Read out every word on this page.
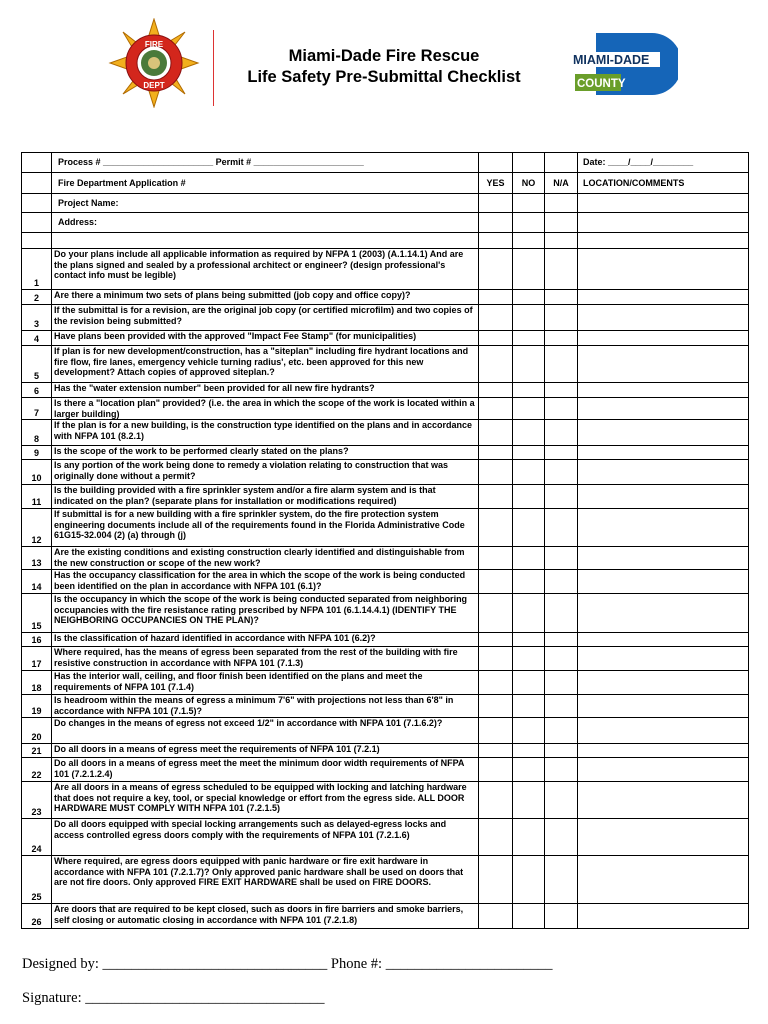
FIRE
DEPT
Miami-Dade Fire Rescue
Life Safety Pre-Submittal Checklist
MIAMI-DADE
COUNTY
	Process # ______________________ Permit # ______________________				Date: ____/____/________
	Fire Department Application #	YES	NO	N/A	LOCATION/COMMENTS
	Project Name:				
	Address:				

1	Do your plans include all applicable information as required by NFPA 1 (2003) (A.1.14.1) And are the plans signed and sealed by a professional architect or engineer? (design professional's contact info must be legible)				
2	Are there a minimum two sets of plans being submitted (job copy and office copy)?				
3	If the submittal is for a revision, are the original job copy (or certified microfilm) and two copies of the revision being submitted?				
4	Have plans been provided with the approved "Impact Fee Stamp" (for municipalities)				
5	If plan is for new development/construction, has a "siteplan" including fire hydrant locations and fire flow, fire lanes, emergency vehicle turning radius', etc. been approved for this new development? Attach copies of approved siteplan.?				
6	Has the "water extension number" been provided for all new fire hydrants?				
7	Is there a "location plan" provided? (i.e. the area in which the scope of the work is located within a larger building)				
8	If the plan is for a new building, is the construction type identified on the plans and in accordance with NFPA 101 (8.2.1)				
9	Is the scope of the work to be performed clearly stated on the plans?				
10	Is any portion of the work being done to remedy a violation relating to construction that was originally done without a permit?				
11	Is the building provided with a fire sprinkler system and/or a fire alarm system and is that indicated on the plan? (separate plans for installation or modifications required)				
12	If submittal is for a new building with a fire sprinkler system, do the fire protection system engineering documents include all of the requirements found in the Florida Administrative Code 61G15-32.004 (2) (a) through (j)				
13	Are the existing conditions and existing construction clearly identified and distinguishable from the new construction or scope of the new work?				
14	Has the occupancy classification for the area in which the scope of the work is being conducted been identified on the plan in accordance with NFPA 101 (6.1)?				
15	Is the occupancy in which the scope of the work is being conducted separated from neighboring occupancies with the fire resistance rating prescribed by NFPA 101 (6.1.14.4.1) (IDENTIFY THE NEIGHBORING OCCUPANCIES ON THE PLAN)?				
16	Is the classification of hazard identified in accordance with NFPA 101 (6.2)?				
17	Where required, has the means of egress been separated from the rest of the building with fire resistive construction in accordance with NFPA 101 (7.1.3)				
18	Has the interior wall, ceiling, and floor finish been identified on the plans and meet the requirements of NFPA 101 (7.1.4)				
19	Is headroom within the means of egress a minimum 7'6" with projections not less than 6'8" in accordance with NFPA 101 (7.1.5)?				
20	Do changes in the means of egress not exceed 1/2" in accordance with NFPA 101 (7.1.6.2)?				
21	Do all doors in a means of egress meet the requirements of NFPA 101 (7.2.1)				
22	Do all doors in a means of egress meet the meet the minimum door width requirements of NFPA 101 (7.2.1.2.4)				
23	Are all doors in a means of egress scheduled to be equipped with locking and latching hardware that does not require a key, tool, or special knowledge or effort from the egress side. ALL DOOR HARDWARE MUST COMPLY WITH NFPA 101 (7.2.1.5)				
24	Do all doors equipped with special locking arrangements such as delayed-egress locks and access controlled egress doors comply with the requirements of NFPA 101 (7.2.1.6)				
25	Where required, are egress doors equipped with panic hardware or fire exit hardware in accordance with NFPA 101 (7.2.1.7)? Only approved panic hardware shall be used on doors that are not fire doors. Only approved FIRE EXIT HARDWARE shall be used on FIRE DOORS.				
26	Are doors that are required to be kept closed, such as doors in fire barriers and smoke barriers, self closing or automatic closing in accordance with NFPA 101 (7.2.1.8)				
Designed by: _______________________________ Phone #: _______________________
Signature: _________________________________
